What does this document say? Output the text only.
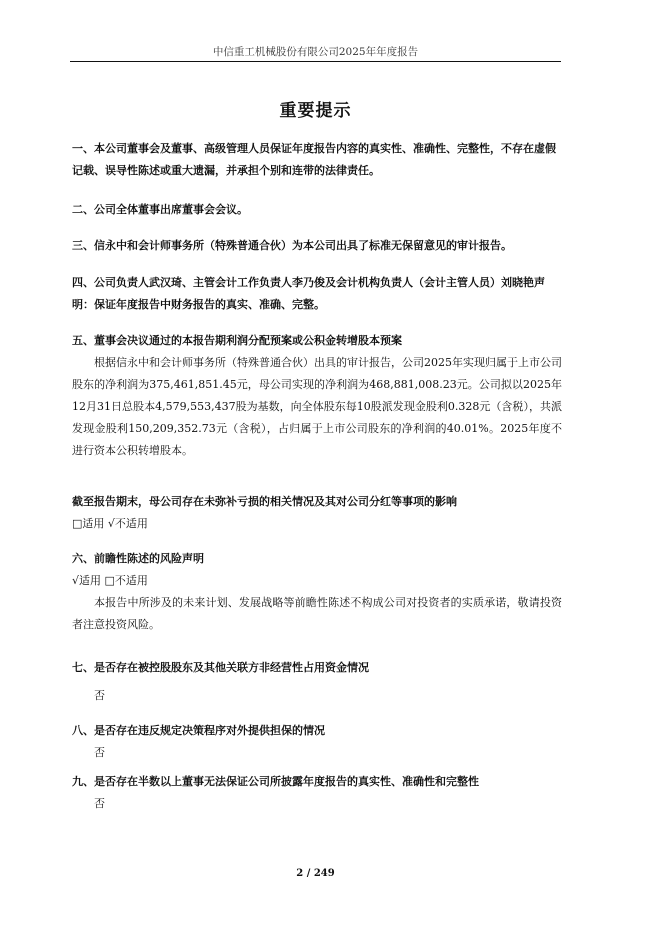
中信重工机械股份有限公司2025年年度报告
重要提示
一、本公司董事会及董事、高级管理人员保证年度报告内容的真实性、准确性、完整性，不存在虚假记载、误导性陈述或重大遗漏，并承担个别和连带的法律责任。
二、公司全体董事出席董事会会议。
三、信永中和会计师事务所（特殊普通合伙）为本公司出具了标准无保留意见的审计报告。
四、公司负责人武汉琦、主管会计工作负责人李乃俊及会计机构负责人（会计主管人员）刘晓艳声明：保证年度报告中财务报告的真实、准确、完整。
五、董事会决议通过的本报告期利润分配预案或公积金转增股本预案
根据信永中和会计师事务所（特殊普通合伙）出具的审计报告，公司2025年实现归属于上市公司股东的净利润为375,461,851.45元，母公司实现的净利润为468,881,008.23元。公司拟以2025年12月31日总股本4,579,553,437股为基数，向全体股东每10股派发现金股利0.328元（含税），共派发现金股利150,209,352.73元（含税），占归属于上市公司股东的净利润的40.01%。2025年度不进行资本公积转增股本。
截至报告期末，母公司存在未弥补亏损的相关情况及其对公司分红等事项的影响
□适用 √不适用
六、前瞻性陈述的风险声明
√适用 □不适用
本报告中所涉及的未来计划、发展战略等前瞻性陈述不构成公司对投资者的实质承诺，敬请投资者注意投资风险。
七、是否存在被控股股东及其他关联方非经营性占用资金情况
否
八、是否存在违反规定决策程序对外提供担保的情况
否
九、是否存在半数以上董事无法保证公司所披露年度报告的真实性、准确性和完整性
否
2 / 249
